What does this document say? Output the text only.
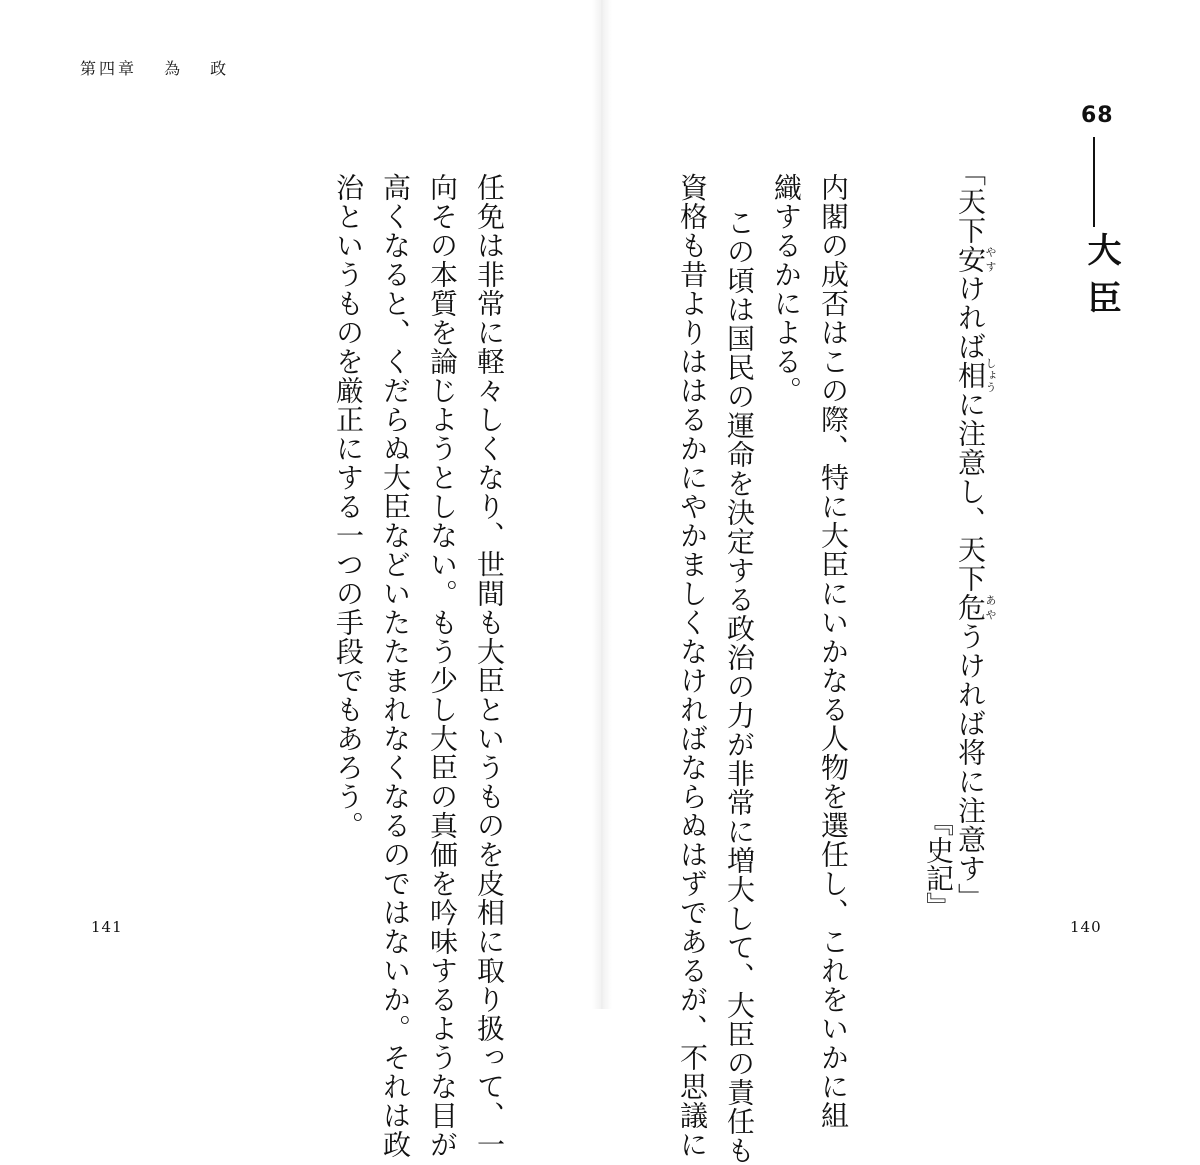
第四章　 為　 政
任免は非常に軽々しくなり、世間も大臣というものを皮相に取り扱って、一
向その本質を論じようとしない。もう少し大臣の真価を吟味するような目が
高くなると、くだらぬ大臣などいたたまれなくなるのではないか。それは政
治というものを厳正にする一つの手段でもあろう。
141
68
大臣
「天下安やすければ相しょうに注意し、天下危あやうければ将に注意す」
『史記』
内閣の成否はこの際、特に大臣にいかなる人物を選任し、これをいかに組
織するかによる。
この頃は国民の運命を決定する政治の力が非常に増大して、大臣の責任も
資格も昔よりははるかにやかましくなければならぬはずであるが、不思議に	140
